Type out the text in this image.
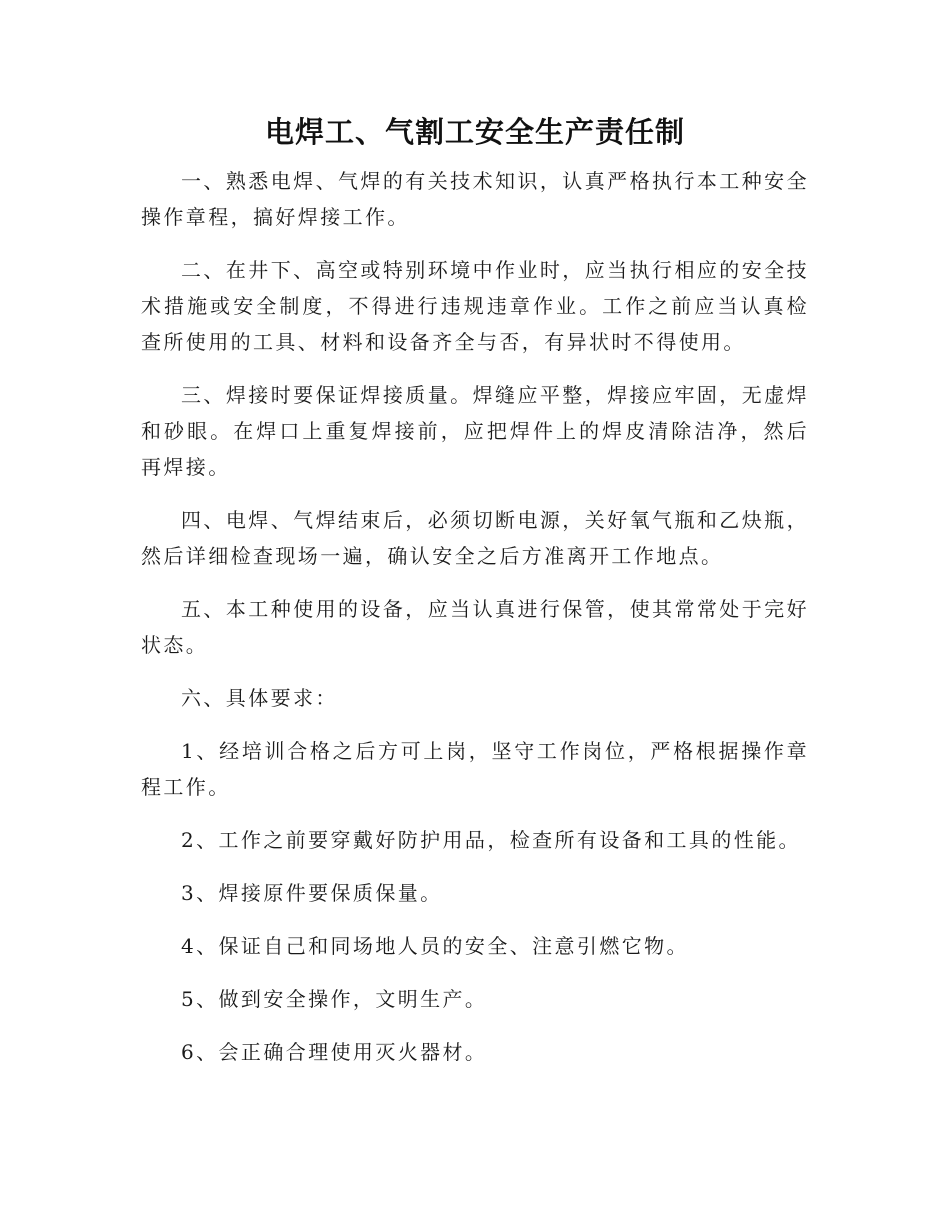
电焊工、气割工安全生产责任制

一、熟悉电焊、气焊的有关技术知识，认真严格执行本工种安全操作章程，搞好焊接工作。

二、在井下、高空或特别环境中作业时，应当执行相应的安全技术措施或安全制度，不得进行违规违章作业。工作之前应当认真检查所使用的工具、材料和设备齐全与否，有异状时不得使用。

三、焊接时要保证焊接质量。焊缝应平整，焊接应牢固，无虚焊和砂眼。在焊口上重复焊接前，应把焊件上的焊皮清除洁净，然后再焊接。

四、电焊、气焊结束后，必须切断电源，关好氧气瓶和乙炔瓶，然后详细检查现场一遍，确认安全之后方准离开工作地点。

五、本工种使用的设备，应当认真进行保管，使其常常处于完好状态。

六、具体要求：

1、经培训合格之后方可上岗，坚守工作岗位，严格根据操作章程工作。

2、工作之前要穿戴好防护用品，检查所有设备和工具的性能。

3、焊接原件要保质保量。

4、保证自己和同场地人员的安全、注意引燃它物。

5、做到安全操作，文明生产。

6、会正确合理使用灭火器材。
